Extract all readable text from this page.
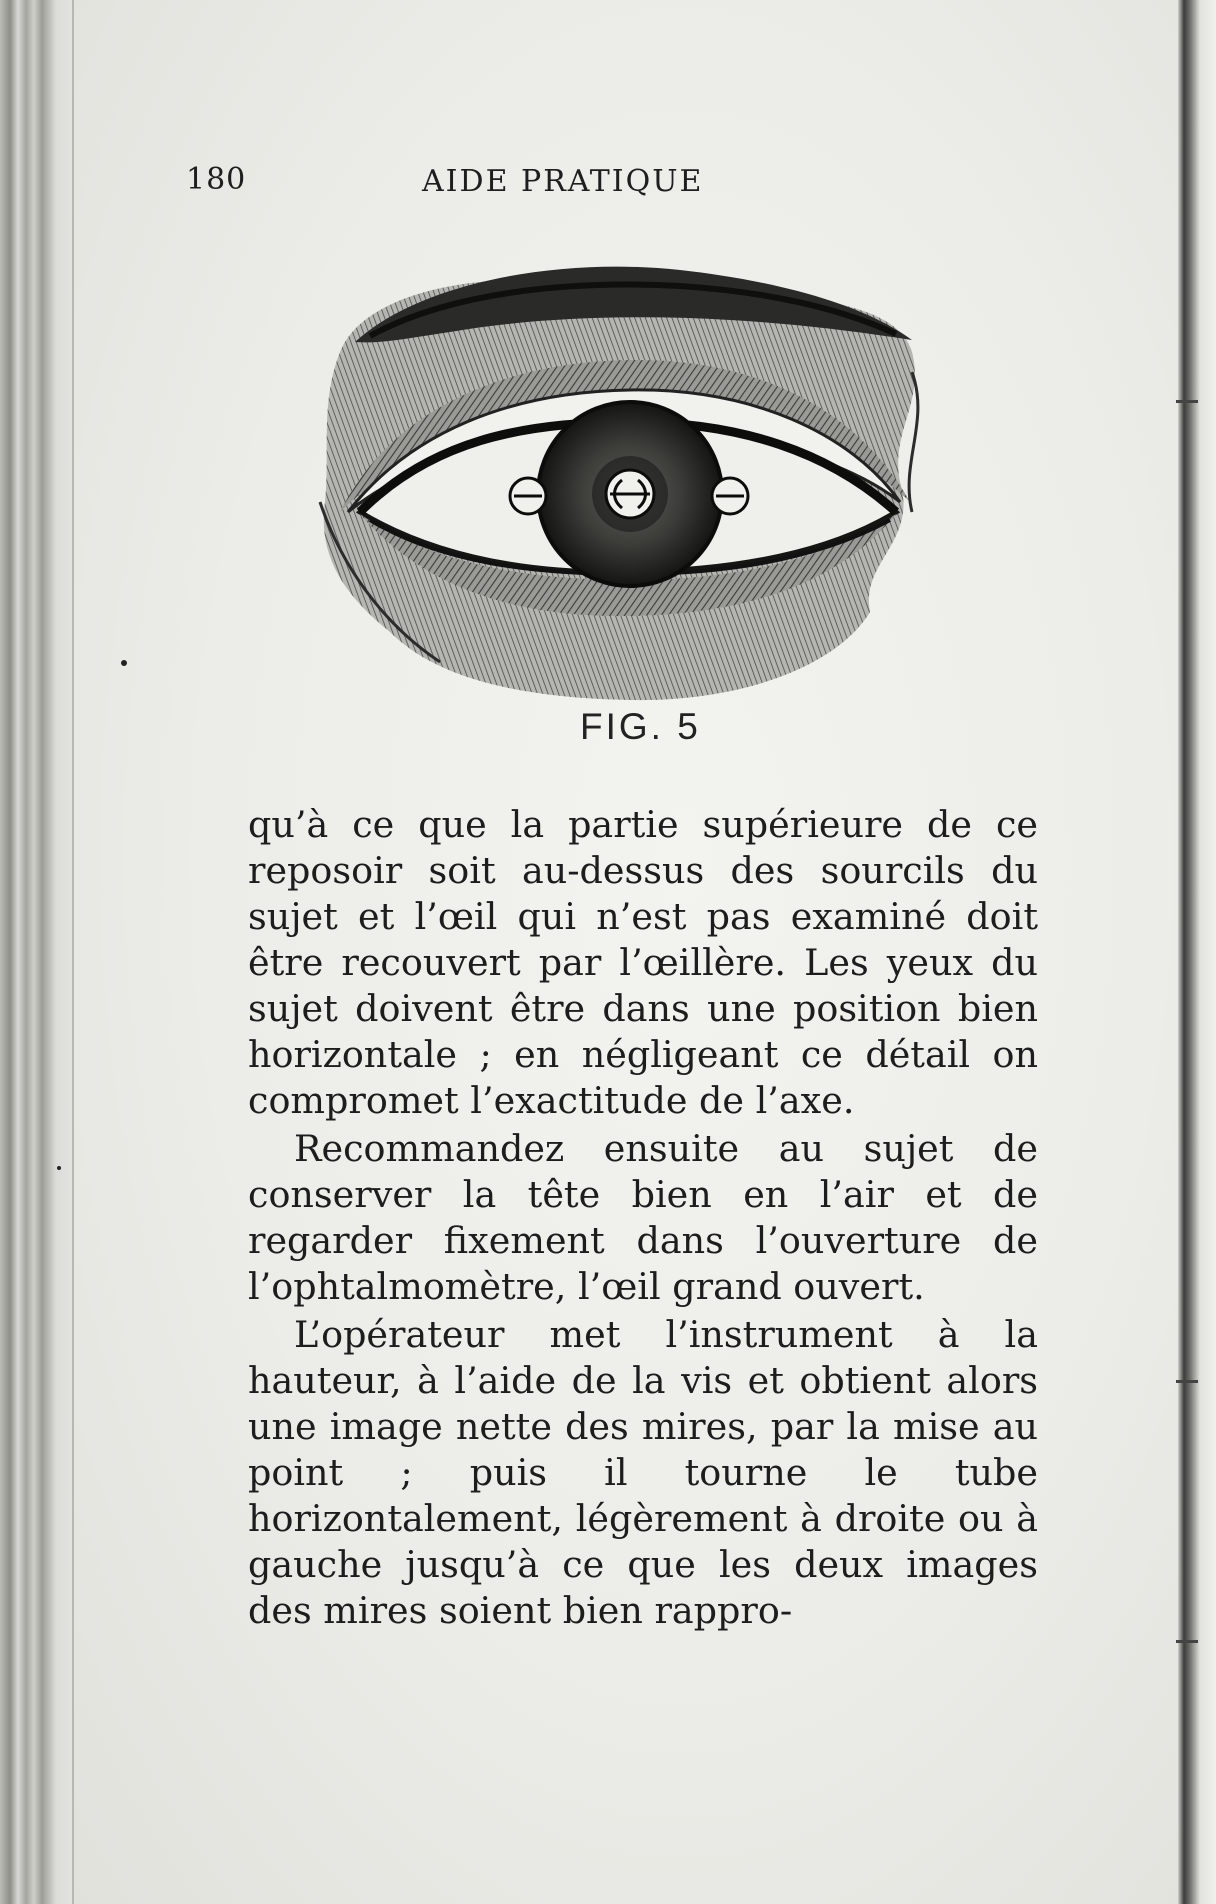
180	AIDE PRATIQUE
FIG. 5

qu’à ce que la partie supérieure de ce reposoir soit au-dessus des sourcils du sujet et l’œil qui n’est pas examiné doit être recouvert par l’œillère. Les yeux du sujet doivent être dans une position bien horizontale ; en négligeant ce détail on compromet l’exactitude de l’axe.

Recommandez ensuite au sujet de conserver la tête bien en l’air et de regarder fixement dans l’ouverture de l’ophtalmomètre, l’œil grand ouvert.

L’opérateur met l’instrument à la hauteur, à l’aide de la vis et obtient alors une image nette des mires, par la mise au point ; puis il tourne le tube horizontalement, légèrement à droite ou à gauche jusqu’à ce que les deux images des mires soient bien rappro-
